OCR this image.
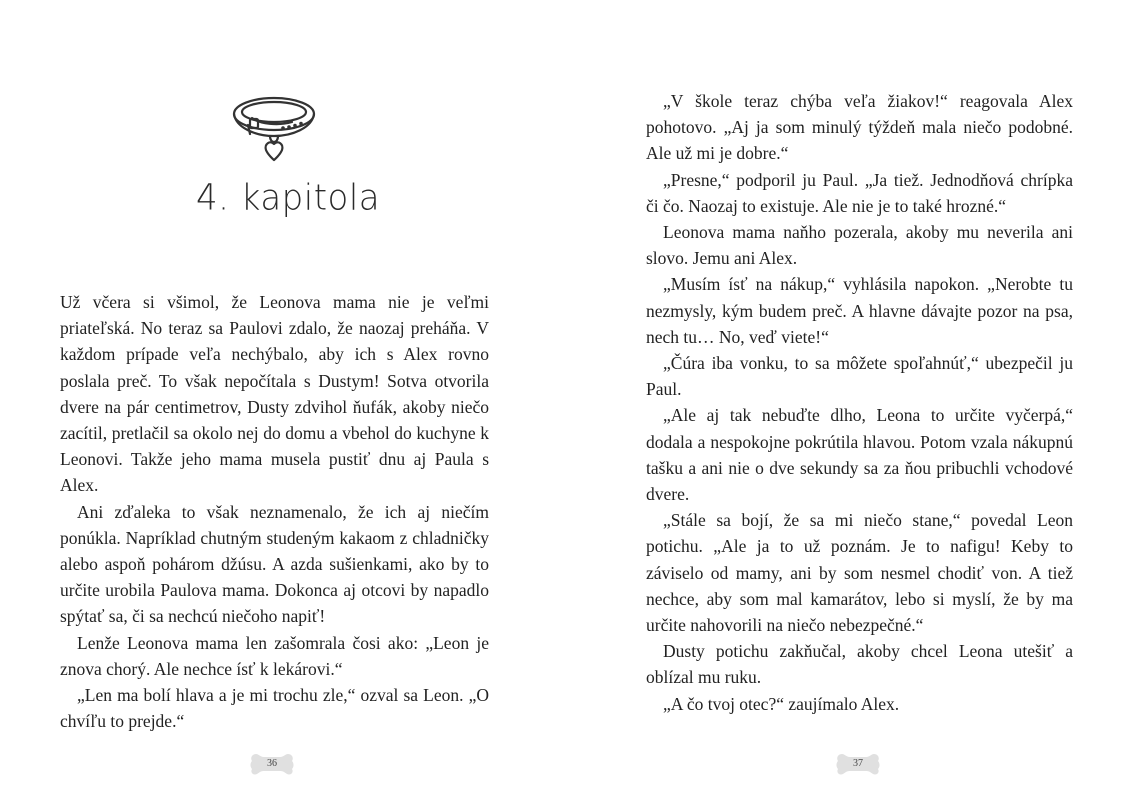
4. kapitola

Už včera si všimol, že Leonova mama nie je veľmi priateľská. No teraz sa Paulovi zdalo, že naozaj preháňa. V každom prípade veľa nechýbalo, aby ich s Alex rovno poslala preč. To však nepočítala s Dustym! Sotva otvorila dvere na pár centimetrov, Dusty zdvihol ňufák, akoby niečo zacítil, pretlačil sa okolo nej do domu a vbehol do kuchyne k Leonovi. Takže jeho mama musela pustiť dnu aj Paula s Alex.

Ani zďaleka to však neznamenalo, že ich aj niečím ponúkla. Napríklad chutným studeným kakaom z chladničky alebo aspoň pohárom džúsu. A azda sušienkami, ako by to určite urobila Paulova mama. Dokonca aj otcovi by napadlo spýtať sa, či sa nechcú niečoho napiť!

Lenže Leonova mama len zašomrala čosi ako: „Leon je znova chorý. Ale nechce ísť k lekárovi.“

„Len ma bolí hlava a je mi trochu zle,“ ozval sa Leon. „O chvíľu to prejde.“

36

„V škole teraz chýba veľa žiakov!“ reagovala Alex pohotovo. „Aj ja som minulý týždeň mala niečo podobné. Ale už mi je dobre.“

„Presne,“ podporil ju Paul. „Ja tiež. Jednodňová chrípka či čo. Naozaj to existuje. Ale nie je to také hrozné.“

Leonova mama naňho pozerala, akoby mu neverila ani slovo. Jemu ani Alex.

„Musím ísť na nákup,“ vyhlásila napokon. „Nerobte tu nezmysly, kým budem preč. A hlavne dávajte pozor na psa, nech tu… No, veď viete!“

„Čúra iba vonku, to sa môžete spoľahnúť,“ ubezpečil ju Paul.

„Ale aj tak nebuďte dlho, Leona to určite vyčerpá,“ dodala a nespokojne pokrútila hlavou. Potom vzala nákupnú tašku a ani nie o dve sekundy sa za ňou pribuchli vchodové dvere.

„Stále sa bojí, že sa mi niečo stane,“ povedal Leon potichu. „Ale ja to už poznám. Je to nafigu! Keby to záviselo od mamy, ani by som nesmel chodiť von. A tiež nechce, aby som mal kamarátov, lebo si myslí, že by ma určite nahovorili na niečo nebezpečné.“

Dusty potichu zakňučal, akoby chcel Leona utešiť a oblízal mu ruku.

„A čo tvoj otec?“ zaujímalo Alex.

37
